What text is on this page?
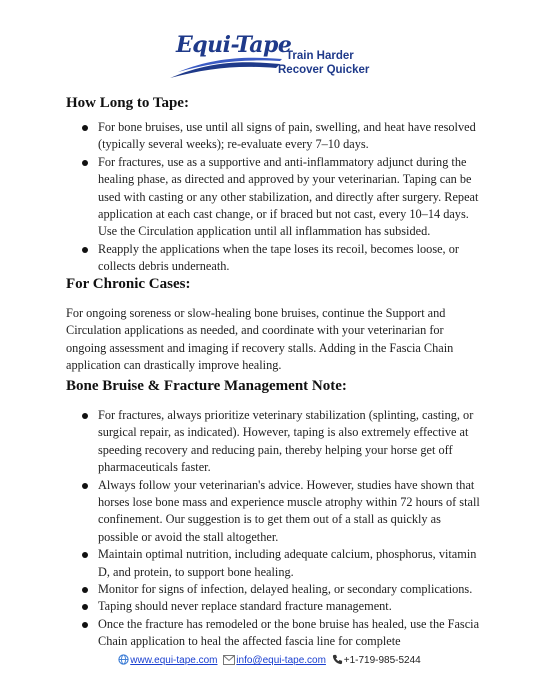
Equi-Tape
Train Harder
Recover Quicker
How Long to Tape:
For bone bruises, use until all signs of pain, swelling, and heat have resolved (typically several weeks); re-evaluate every 7–10 days.
For fractures, use as a supportive and anti-inflammatory adjunct during the healing phase, as directed and approved by your veterinarian. Taping can be used with casting or any other stabilization, and directly after surgery. Repeat application at each cast change, or if braced but not cast, every 10–14 days. Use the Circulation application until all inflammation has subsided.
Reapply the applications when the tape loses its recoil, becomes loose, or collects debris underneath.
For Chronic Cases:

For ongoing soreness or slow-healing bone bruises, continue the Support and Circulation applications as needed, and coordinate with your veterinarian for ongoing assessment and imaging if recovery stalls. Adding in the Fascia Chain application can drastically improve healing.

Bone Bruise & Fracture Management Note:
For fractures, always prioritize veterinary stabilization (splinting, casting, or surgical repair, as indicated). However, taping is also extremely effective at speeding recovery and reducing pain, thereby helping your horse get off pharmaceuticals faster.
Always follow your veterinarian's advice. However, studies have shown that horses lose bone mass and experience muscle atrophy within 72 hours of stall confinement. Our suggestion is to get them out of a stall as quickly as possible or avoid the stall altogether.
Maintain optimal nutrition, including adequate calcium, phosphorus, vitamin D, and protein, to support bone healing.
Monitor for signs of infection, delayed healing, or secondary complications.
Taping should never replace standard fracture management.
Once the fracture has remodeled or the bone bruise has healed, use the Fascia Chain application to heal the affected fascia line for complete
www.equi-tape.com info@equi-tape.com +1-719-985-5244
